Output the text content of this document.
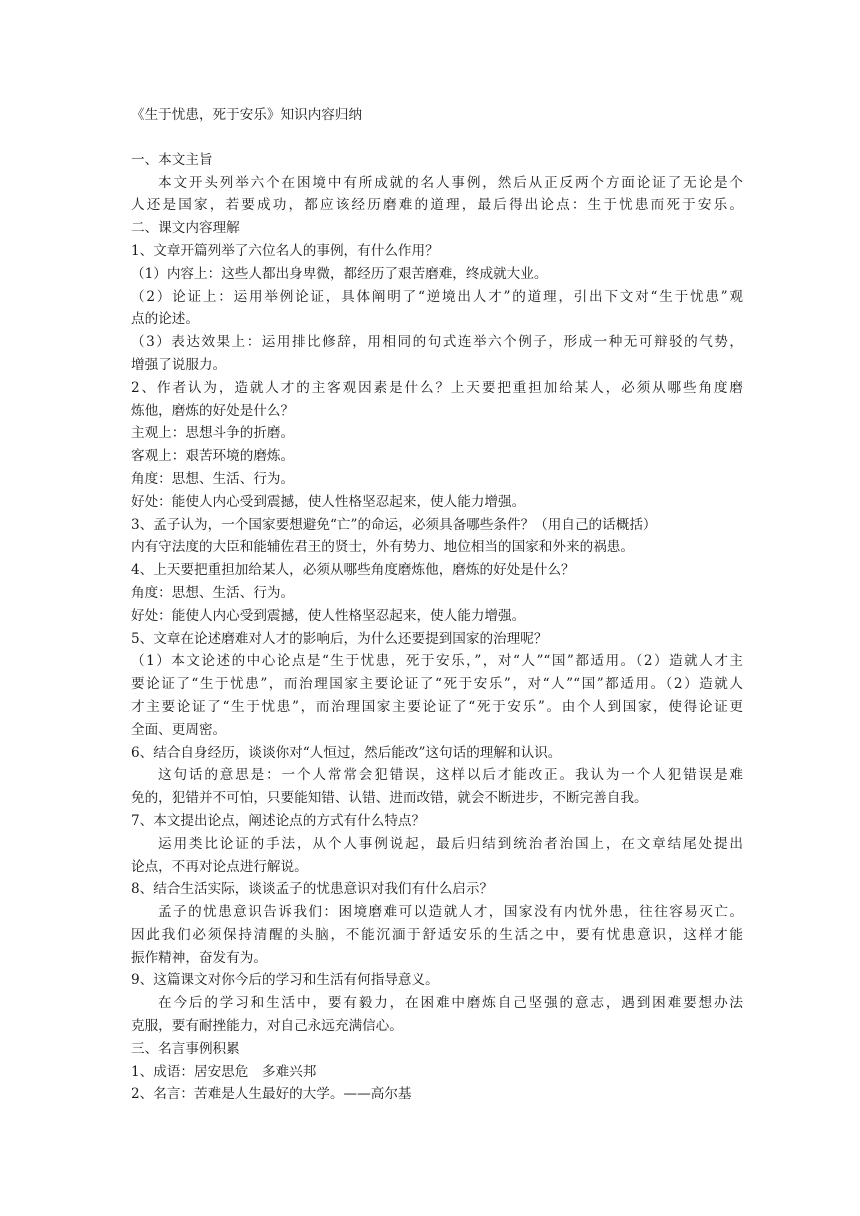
《生于忧患，死于安乐》知识内容归纳
一、本文主旨
本文开头列举六个在困境中有所成就的名人事例，然后从正反两个方面论证了无论是个
人还是国家，若要成功，都应该经历磨难的道理，最后得出论点：生于忧患而死于安乐。
二、课文内容理解
1、文章开篇列举了六位名人的事例，有什么作用？
（1）内容上：这些人都出身卑微，都经历了艰苦磨难，终成就大业。
（2）论证上：运用举例论证，具体阐明了“逆境出人才”的道理，引出下文对“生于忧患”观
点的论述。
（3）表达效果上：运用排比修辞，用相同的句式连举六个例子，形成一种无可辩驳的气势，
增强了说服力。
2、作者认为，造就人才的主客观因素是什么？上天要把重担加给某人，必须从哪些角度磨
炼他，磨炼的好处是什么？
主观上：思想斗争的折磨。
客观上：艰苦环境的磨炼。
角度：思想、生活、行为。
好处：能使人内心受到震撼，使人性格坚忍起来，使人能力增强。
3、孟子认为，一个国家要想避免“亡”的命运，必须具备哪些条件？（用自己的话概括）
内有守法度的大臣和能辅佐君王的贤士，外有势力、地位相当的国家和外来的祸患。
4、上天要把重担加给某人，必须从哪些角度磨炼他，磨炼的好处是什么？
角度：思想、生活、行为。
好处：能使人内心受到震撼，使人性格坚忍起来，使人能力增强。
5、文章在论述磨难对人才的影响后，为什么还要提到国家的治理呢？
（1）本文论述的中心论点是“生于忧患，死于安乐，”，对“人”“国”都适用。（2）造就人才主
要论证了“生于忧患”，而治理国家主要论证了“死于安乐”，对“人”“国”都适用。（2）造就人
才主要论证了“生于忧患”，而治理国家主要论证了“死于安乐”。由个人到国家，使得论证更
全面、更周密。
6、结合自身经历，谈谈你对“人恒过，然后能改”这句话的理解和认识。
这句话的意思是：一个人常常会犯错误，这样以后才能改正。我认为一个人犯错误是难
免的，犯错并不可怕，只要能知错、认错、进而改错，就会不断进步，不断完善自我。
7、本文提出论点，阐述论点的方式有什么特点？
运用类比论证的手法，从个人事例说起，最后归结到统治者治国上，在文章结尾处提出
论点，不再对论点进行解说。
8、结合生活实际，谈谈孟子的忧患意识对我们有什么启示？
孟子的忧患意识告诉我们：困境磨难可以造就人才，国家没有内忧外患，往往容易灭亡。
因此我们必须保持清醒的头脑，不能沉湎于舒适安乐的生活之中，要有忧患意识，这样才能
振作精神，奋发有为。
9、这篇课文对你今后的学习和生活有何指导意义。
在今后的学习和生活中，要有毅力，在困难中磨炼自己坚强的意志，遇到困难要想办法
克服，要有耐挫能力，对自己永远充满信心。
三、名言事例积累
1、成语：居安思危　多难兴邦
2、名言：苦难是人生最好的大学。——高尔基
